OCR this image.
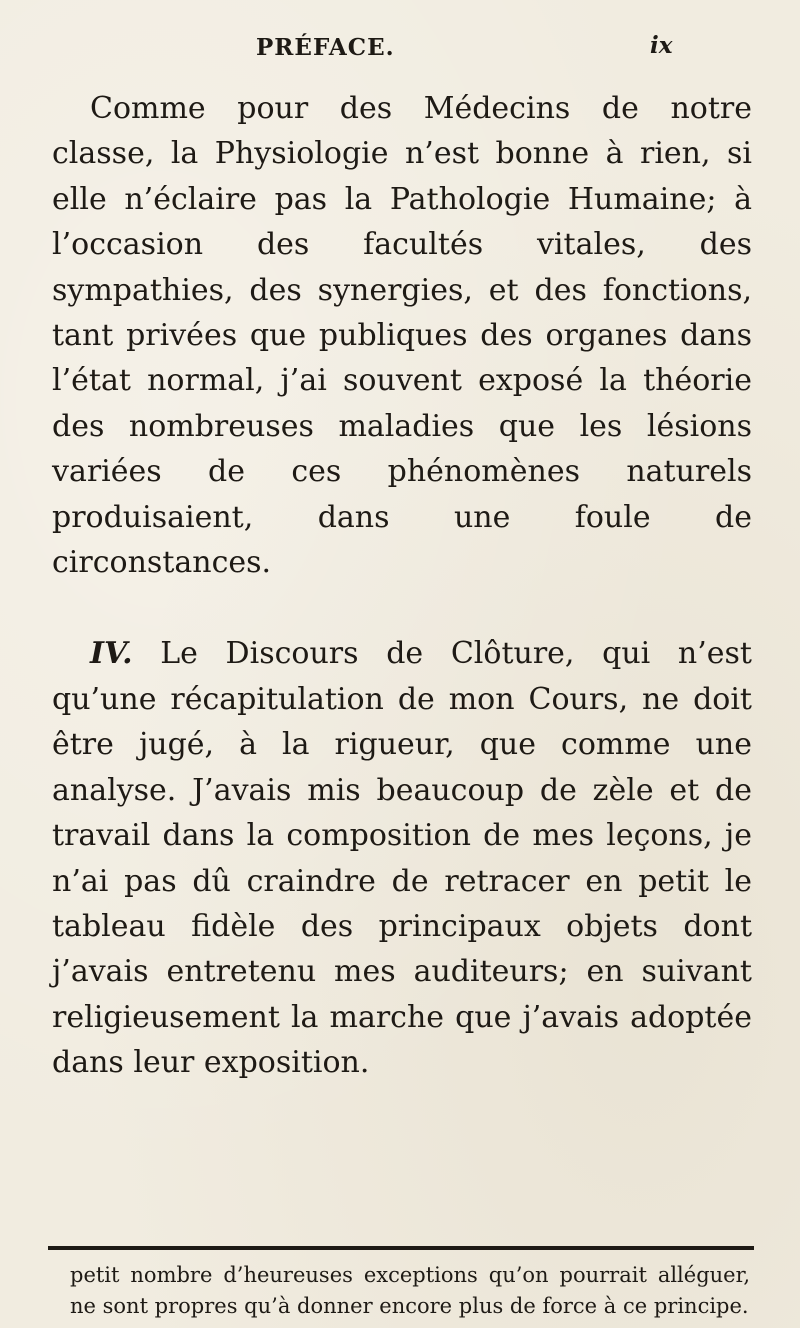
PRÉFACE.	ix

Comme pour des Médecins de notre classe, la Physiologie n’est bonne à rien, si elle n’éclaire pas la Pathologie Humaine; à l’occasion des facultés vitales, des sympathies, des synergies, et des fonctions, tant privées que publiques des organes dans l’état normal, j’ai souvent exposé la théorie des nombreuses maladies que les lésions variées de ces phénomènes naturels produisaient, dans une foule de circonstances.

IV. Le Discours de Clôture, qui n’est qu’une récapitulation de mon Cours, ne doit être jugé, à la rigueur, que comme une analyse. J’avais mis beaucoup de zèle et de travail dans la composition de mes leçons, je n’ai pas dû craindre de retracer en petit le tableau fidèle des principaux objets dont j’avais entretenu mes auditeurs; en suivant religieusement la marche que j’avais adoptée dans leur exposition.

petit nombre d’heureuses exceptions qu’on pourrait alléguer, ne sont propres qu’à donner encore plus de force à ce principe.
